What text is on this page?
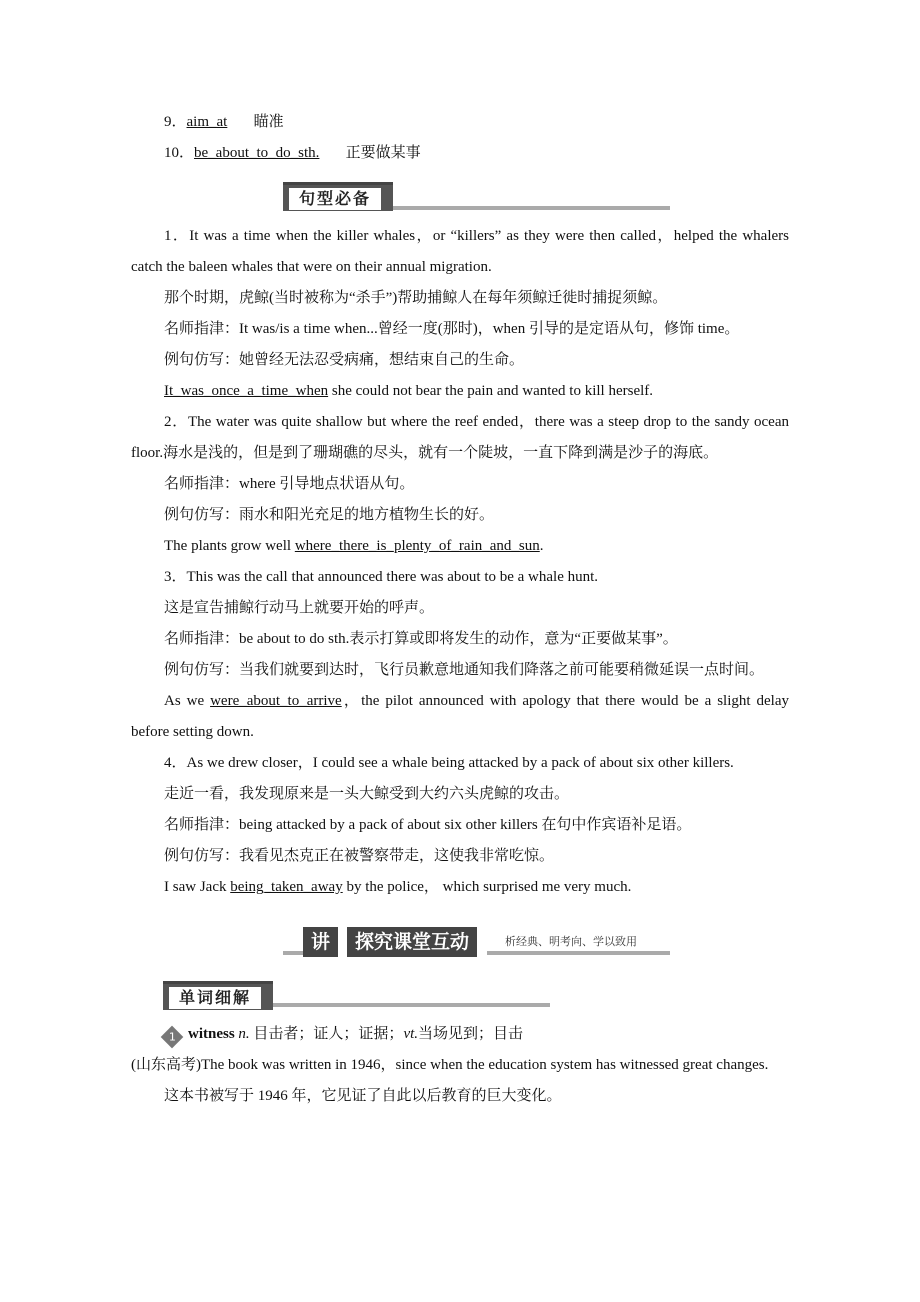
9．aim_at 瞄准

10．be_about_to_do_sth. 正要做某事

句型必备

1．It was a time when the killer whales，or “killers” as they were then called，helped the whalers catch the baleen whales that were on their annual migration.

那个时期，虎鲸(当时被称为“杀手”)帮助捕鲸人在每年须鲸迁徙时捕捉须鲸。

名师指津：It was/is a time when...曾经一度(那时)，when 引导的是定语从句，修饰 time。

例句仿写：她曾经无法忍受病痛，想结束自己的生命。

It_was_once_a_time_when she could not bear the pain and wanted to kill herself.

2．The water was quite shallow but where the reef ended，there was a steep drop to the sandy ocean floor.海水是浅的，但是到了珊瑚礁的尽头，就有一个陡坡，一直下降到满是沙子的海底。

名师指津：where 引导地点状语从句。

例句仿写：雨水和阳光充足的地方植物生长的好。

The plants grow well where_there_is_plenty_of_rain_and_sun.

3．This was the call that announced there was about to be a whale hunt.

这是宣告捕鲸行动马上就要开始的呼声。

名师指津：be about to do sth.表示打算或即将发生的动作，意为“正要做某事”。

例句仿写：当我们就要到达时，飞行员歉意地通知我们降落之前可能要稍微延误一点时间。

As we were_about_to_arrive，the pilot announced with apology that there would be a slight delay before setting down.

4．As we drew closer，I could see a whale being attacked by a pack of about six other killers.

走近一看，我发现原来是一头大鲸受到大约六头虎鲸的攻击。

名师指津：being attacked by a pack of about six other killers 在句中作宾语补足语。

例句仿写：我看见杰克正在被警察带走，这使我非常吃惊。

I saw Jack being_taken_away by the police， which surprised me very much.

讲	探究课堂互动	析经典、明考向、学以致用
单词细解

1 witness n. 目击者；证人；证据；vt.当场见到；目击

(山东高考)The book was written in 1946，since when the education system has witnessed great changes.

这本书被写于 1946 年，它见证了自此以后教育的巨大变化。
